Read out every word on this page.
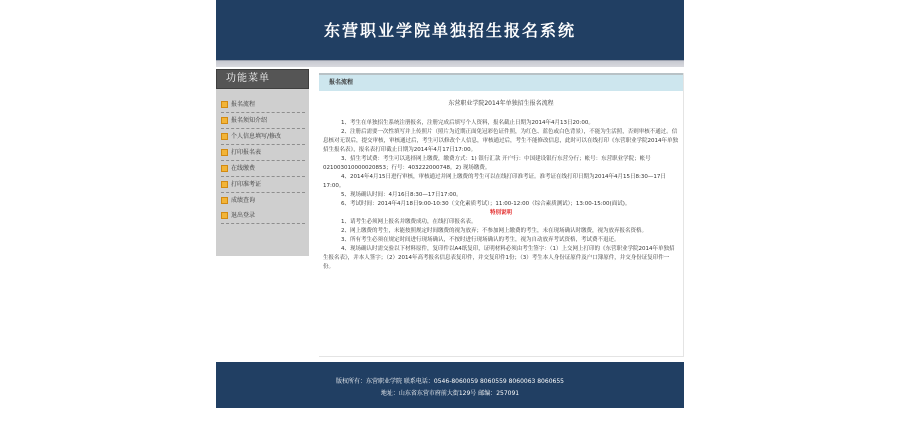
东营职业学院单独招生报名系统
功能菜单
报名流程
报名须知介绍
个人信息填写/修改
打印报名表
在线缴费
打印准考证
成绩查询
退出登录
报名流程
东营职业学院2014年单独招生报名流程

1、考生在单独招生系统注册报名，注册完成后填写个人资料，报名截止日期为2014年4月13日20:00。

2、注册后需要一次性填写并上传照片（照片为近期正面免冠彩色证件照，为红色、蓝色或白色背景），不能为生活照，否则审核不通过。信息核对无误后，提交审核，审核通过后，考生可以修改个人信息，审核通过后，考生不能修改信息，此时可以在线打印《东营职业学院2014年单独招生报名表》，报名表打印截止日期为2014年4月17日17:00。

3、招生考试费：考生可以选择网上缴费，缴费方式：1) 银行汇款 开户行：中国建设银行东营分行；帐号：东营职业学院；帐号021003010000020853；行号：403222000748。2) 现场缴费。

4、2014年4月15日进行审核，审核通过并网上缴费的考生可以在线打印准考证。准考证在线打印日期为2014年4月15日8:30—17日17:00。

5、现场确认时间：4月16日8:30—17日17:00。

6、考试时间：2014年4月18日9:00-10:30（文化素质考试）；11:00-12:00（综合素质测试）；13:00-15:00(面试)。

特别说明

1、请考生必须网上报名并缴费成功，在线打印报名表。

2、网上缴费的考生，未能按照规定时间缴费的视为放弃；不参加网上缴费的考生，未在现场确认时缴费，视为放弃报名资格。

3、所有考生必须在规定时间进行现场确认，不按时进行现场确认的考生，视为自动放弃考试资格，考试费不退还。

4、现场确认时需交验以下材料原件，复印件以A4纸复印，证明材料必须由考生签字：（1）上交网上打印的《东营职业学院2014年单独招生报名表》，并本人签字；（2）2014年高考报名信息表复印件，并交复印件1份；（3）考生本人身份证原件及户口簿原件，并交身份证复印件一份。

版权所有：东营职业学院 联系电话：0546-8060059 8060559 8060063 8060655
地址：山东省东营市府前大街129号 邮编：257091
